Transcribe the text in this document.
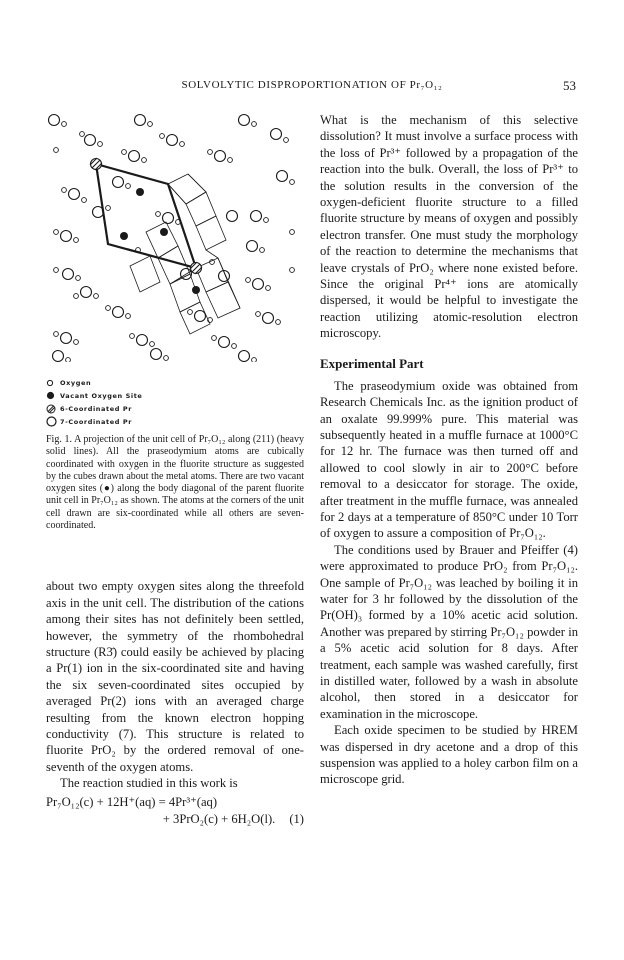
SOLVOLYTIC DISPROPORTIONATION OF Pr₇O₁₂	53
Oxygen
Vacant Oxygen Site
6-Coordinated Pr
7-Coordinated Pr

Fig. 1. A projection of the unit cell of Pr₇O₁₂ along (211) (heavy solid lines). All the praseodymium atoms are cubically coordinated with oxygen in the fluorite structure as suggested by the cubes drawn about the metal atoms. There are two vacant oxygen sites (●) along the body diagonal of the parent fluorite unit cell in Pr₇O₁₂ as shown. The atoms at the corners of the unit cell drawn are six-coordinated while all others are seven-coordinated.

about two empty oxygen sites along the threefold axis in the unit cell. The distribution of the cations among their sites has not definitely been settled, however, the symmetry of the rhombohedral structure (R3̄) could easily be achieved by placing a Pr(1) ion in the six-coordinated site and having the six seven-coordinated sites occupied by averaged Pr(2) ions with an averaged charge resulting from the known electron hopping conductivity (7). This structure is related to fluorite PrO₂ by the ordered removal of one-seventh of the oxygen atoms.

The reaction studied in this work is

Pr₇O₁₂(c) + 12H⁺(aq) = 4Pr³⁺(aq)
+ 3PrO₂(c) + 6H₂O(l). (1)

What is the mechanism of this selective dissolution? It must involve a surface process with the loss of Pr³⁺ followed by a propagation of the reaction into the bulk. Overall, the loss of Pr³⁺ to the solution results in the conversion of the oxygen-deficient fluorite structure to a filled fluorite structure by means of oxygen and possibly electron transfer. One must study the morphology of the reaction to determine the mechanisms that leave crystals of PrO₂ where none existed before. Since the original Pr⁴⁺ ions are atomically dispersed, it would be helpful to investigate the reaction utilizing atomic-resolution electron microscopy.

Experimental Part

The praseodymium oxide was obtained from Research Chemicals Inc. as the ignition product of an oxalate 99.999% pure. This material was subsequently heated in a muffle furnace at 1000°C for 12 hr. The furnace was then turned off and allowed to cool slowly in air to 200°C before removal to a desiccator for storage. The oxide, after treatment in the muffle furnace, was annealed for 2 days at a temperature of 850°C under 10 Torr of oxygen to assure a composition of Pr₇O₁₂.

The conditions used by Brauer and Pfeiffer (4) were approximated to produce PrO₂ from Pr₇O₁₂. One sample of Pr₇O₁₂ was leached by boiling it in water for 3 hr followed by the dissolution of the Pr(OH)₃ formed by a 10% acetic acid solution. Another was prepared by stirring Pr₇O₁₂ powder in a 5% acetic acid solution for 8 days. After treatment, each sample was washed carefully, first in distilled water, followed by a wash in absolute alcohol, then stored in a desiccator for examination in the microscope.

Each oxide specimen to be studied by HREM was dispersed in dry acetone and a drop of this suspension was applied to a holey carbon film on a microscope grid.
